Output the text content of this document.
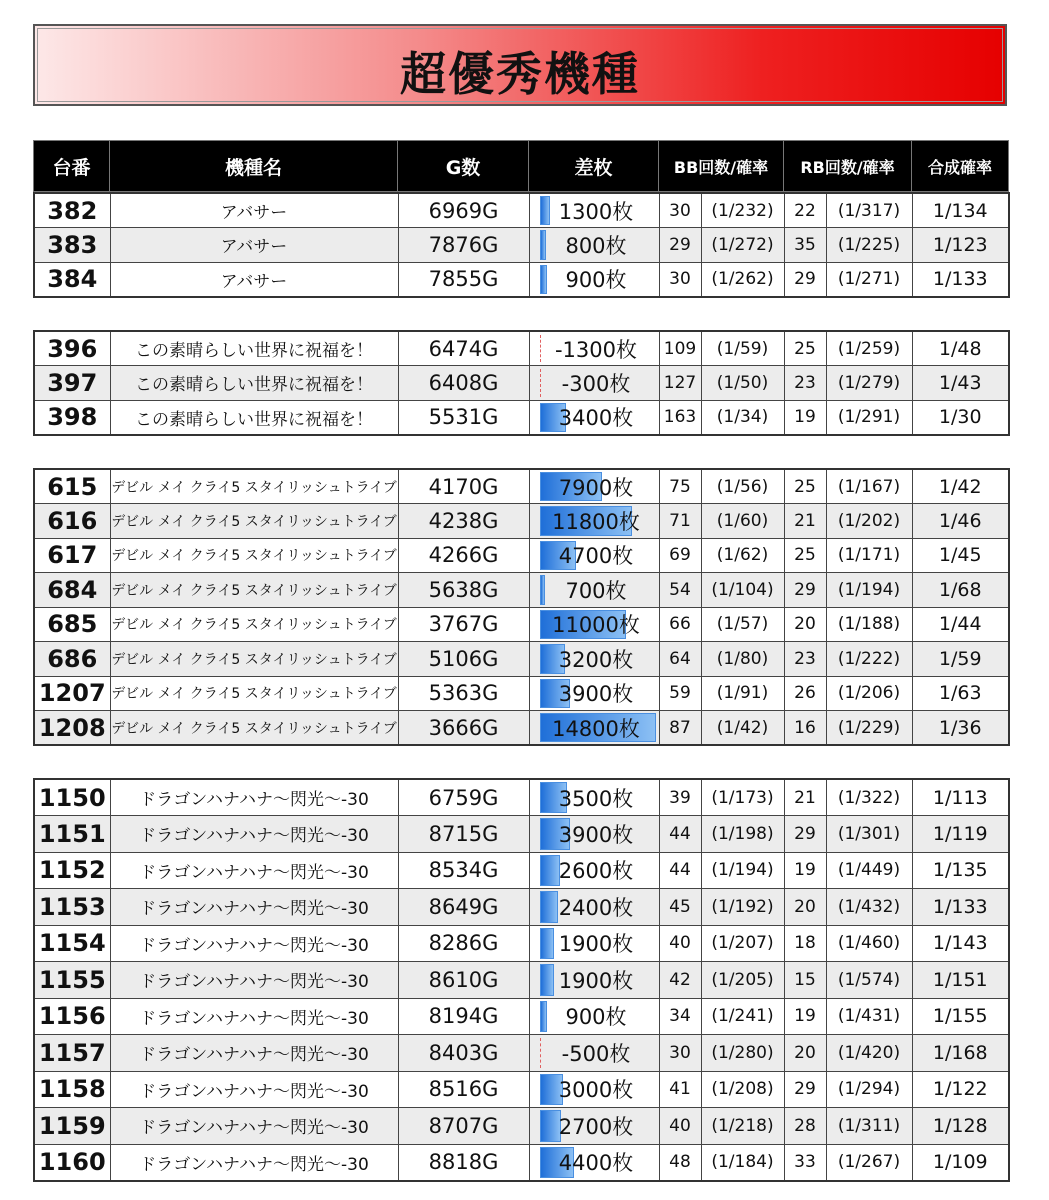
超優秀機種
台番	機種名	G数	差枚	BB回数/確率	RB回数/確率	合成確率
382	アバサー	6969G	1300枚	30	(1/232)	22	(1/317)	1/134
383	アバサー	7876G	800枚	29	(1/272)	35	(1/225)	1/123
384	アバサー	7855G	900枚	30	(1/262)	29	(1/271)	1/133
396	この素晴らしい世界に祝福を！	6474G	-1300枚	109	(1/59)	25	(1/259)	1/48
397	この素晴らしい世界に祝福を！	6408G	-300枚	127	(1/50)	23	(1/279)	1/43
398	この素晴らしい世界に祝福を！	5531G	3400枚	163	(1/34)	19	(1/291)	1/30
615	デビル メイ クライ5 スタイリッシュトライブ	4170G	7900枚	75	(1/56)	25	(1/167)	1/42
616	デビル メイ クライ5 スタイリッシュトライブ	4238G	11800枚	71	(1/60)	21	(1/202)	1/46
617	デビル メイ クライ5 スタイリッシュトライブ	4266G	4700枚	69	(1/62)	25	(1/171)	1/45
684	デビル メイ クライ5 スタイリッシュトライブ	5638G	700枚	54	(1/104)	29	(1/194)	1/68
685	デビル メイ クライ5 スタイリッシュトライブ	3767G	11000枚	66	(1/57)	20	(1/188)	1/44
686	デビル メイ クライ5 スタイリッシュトライブ	5106G	3200枚	64	(1/80)	23	(1/222)	1/59
1207	デビル メイ クライ5 スタイリッシュトライブ	5363G	3900枚	59	(1/91)	26	(1/206)	1/63
1208	デビル メイ クライ5 スタイリッシュトライブ	3666G	14800枚	87	(1/42)	16	(1/229)	1/36
1150	ドラゴンハナハナ～閃光～-30	6759G	3500枚	39	(1/173)	21	(1/322)	1/113
1151	ドラゴンハナハナ～閃光～-30	8715G	3900枚	44	(1/198)	29	(1/301)	1/119
1152	ドラゴンハナハナ～閃光～-30	8534G	2600枚	44	(1/194)	19	(1/449)	1/135
1153	ドラゴンハナハナ～閃光～-30	8649G	2400枚	45	(1/192)	20	(1/432)	1/133
1154	ドラゴンハナハナ～閃光～-30	8286G	1900枚	40	(1/207)	18	(1/460)	1/143
1155	ドラゴンハナハナ～閃光～-30	8610G	1900枚	42	(1/205)	15	(1/574)	1/151
1156	ドラゴンハナハナ～閃光～-30	8194G	900枚	34	(1/241)	19	(1/431)	1/155
1157	ドラゴンハナハナ～閃光～-30	8403G	-500枚	30	(1/280)	20	(1/420)	1/168
1158	ドラゴンハナハナ～閃光～-30	8516G	3000枚	41	(1/208)	29	(1/294)	1/122
1159	ドラゴンハナハナ～閃光～-30	8707G	2700枚	40	(1/218)	28	(1/311)	1/128
1160	ドラゴンハナハナ～閃光～-30	8818G	4400枚	48	(1/184)	33	(1/267)	1/109
